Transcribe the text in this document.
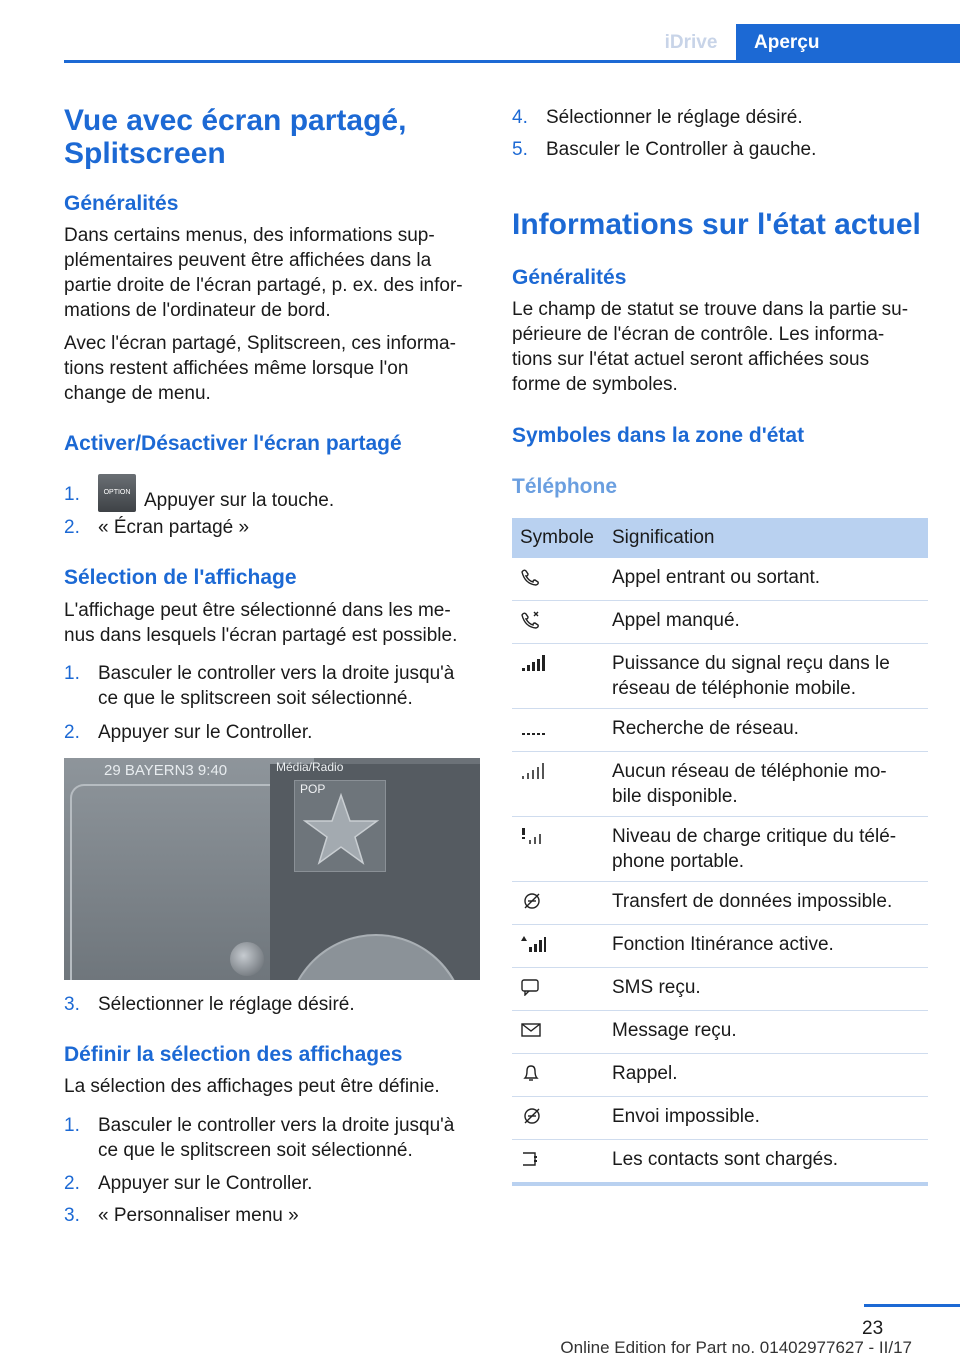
iDrive	Aperçu
Vue avec écran partagé,
Splitscreen
Généralités
Dans certains menus, des informations sup‐
plémentaires peuvent être affichées dans la
partie droite de l'écran partagé, p. ex. des infor‐
mations de l'ordinateur de bord.
Avec l'écran partagé, Splitscreen, ces informa‐
tions restent affichées même lorsque l'on
change de menu.
Activer/Désactiver l'écran partagé
1.	OPTION Appuyer sur la touche.
2. « Écran partagé »
Sélection de l'affichage
L'affichage peut être sélectionné dans les me‐
nus dans lesquels l'écran partagé est possible.
1. Basculer le controller vers la droite jusqu'à
ce que le splitscreen soit sélectionné.
2. Appuyer sur le Controller.
29 BAYERN3 9:40	Média/Radio
POP
3. Sélectionner le réglage désiré.
Définir la sélection des affichages
La sélection des affichages peut être définie.
1. Basculer le controller vers la droite jusqu'à
ce que le splitscreen soit sélectionné.
2. Appuyer sur le Controller.
3. « Personnaliser menu »
4. Sélectionner le réglage désiré.
5. Basculer le Controller à gauche.
Informations sur l'état actuel
Généralités
Le champ de statut se trouve dans la partie su‐
périeure de l'écran de contrôle. Les informa‐
tions sur l'état actuel seront affichées sous
forme de symboles.
Symboles dans la zone d'état
Téléphone
Symbole	Signification

Appel entrant ou sortant.

Appel manqué.

Puissance du signal reçu dans le
réseau de téléphonie mobile.

Recherche de réseau.

Aucun réseau de téléphonie mo‐
bile disponible.

Niveau de charge critique du télé‐
phone portable.

Transfert de données impossible.

Fonction Itinérance active.

SMS reçu.

Message reçu.

Rappel.

Envoi impossible.

Les contacts sont chargés.
23
Online Edition for Part no. 01402977627 - II/17
